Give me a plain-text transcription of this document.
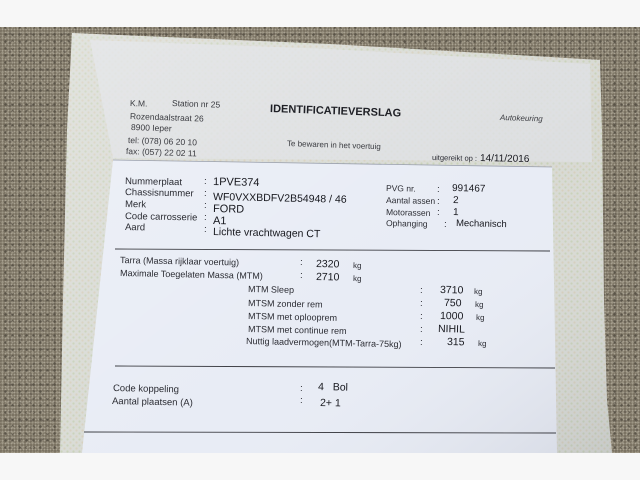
K.M.	Station nr 25
Rozendaalstraat 26
8900 Ieper
tel: (078) 06 20 10
fax: (057) 22 02 11
IDENTIFICATIEVERSLAG	Autokeuring
Te bewaren in het voertuig
uitgereikt op : 14/11/2016
Nummerplaat : 1PVE374
Chassisnummer : WF0VXXBDFV2B54948 / 46
Merk	: FORD
Code carrosserie : A1
Aard	: Lichte vrachtwagen CT
PVG nr. : 991467
Aantal assen : 2
Motorassen : 1
Ophanging : Mechanisch
Tarra (Massa rijklaar voertuig)	: 2320 kg
Maximale Toegelaten Massa (MTM)	: 2710 kg
MTM Sleep	: 3710 kg
MTSM zonder rem	: 750 kg
MTSM met oplooprem	: 1000 kg
MTSM met continue rem	: NIHIL
Nuttig laadvermogen(MTM-Tarra-75kg) : 315 kg
Code koppeling	: 4 Bol
Aantal plaatsen (A)	: 2+ 1
